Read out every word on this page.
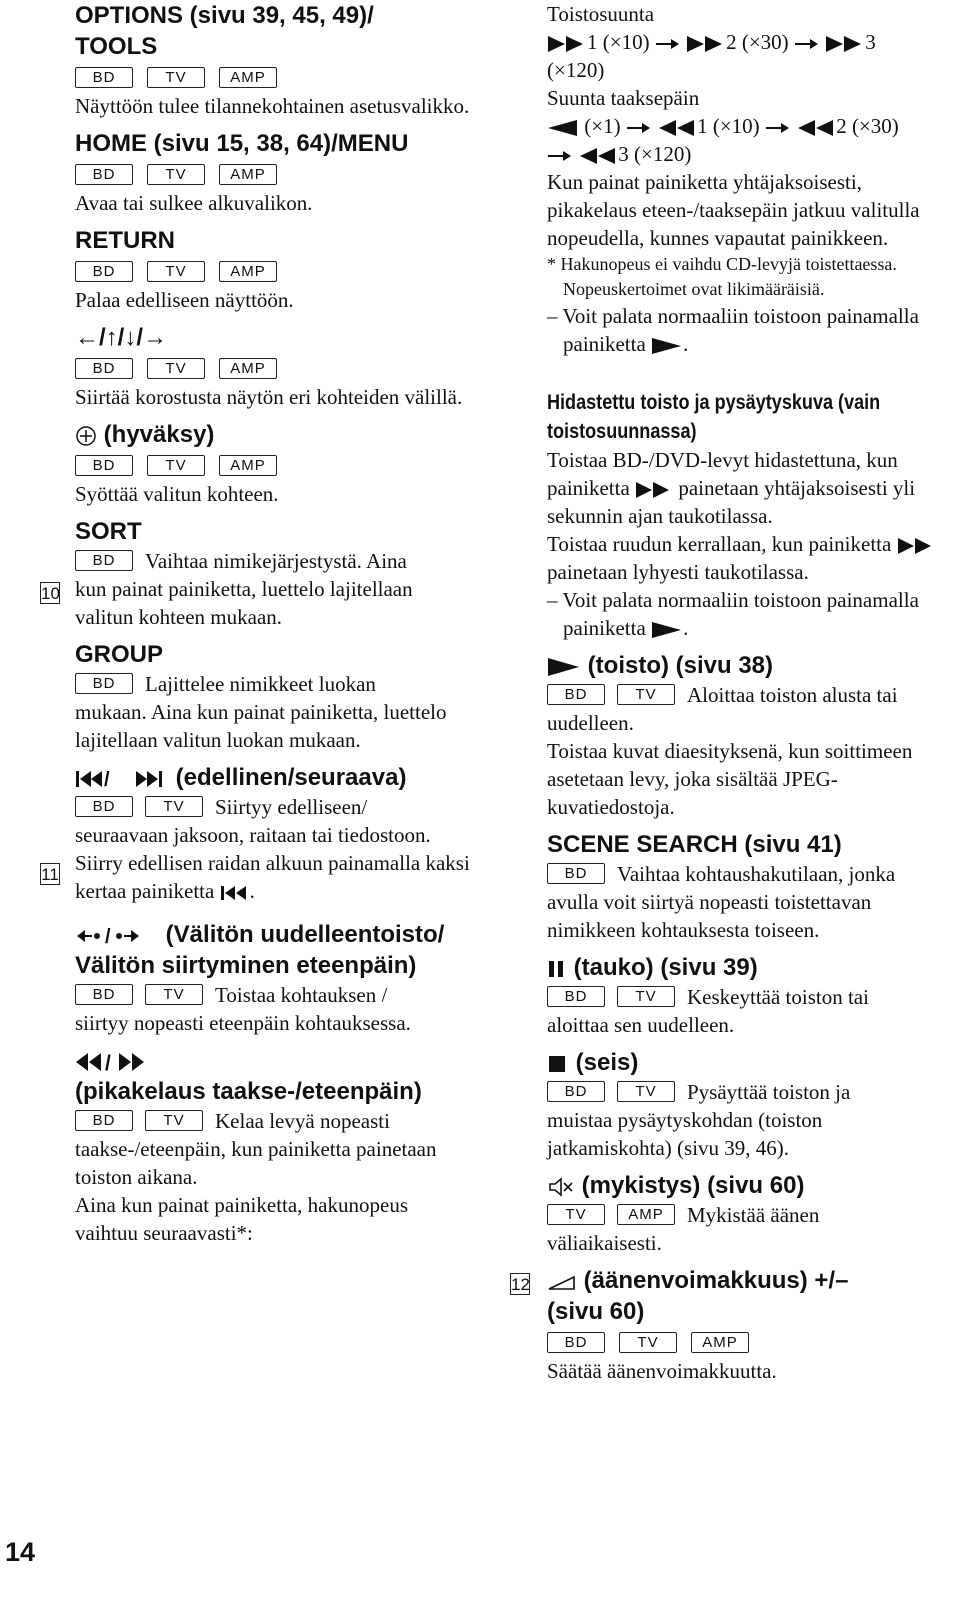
OPTIONS (sivu 39, 45, 49)/
TOOLS
BD	TV	AMP
Näyttöön tulee tilannekohtainen asetusvalikko.
HOME (sivu 15, 38, 64)/MENU
BD	TV	AMP
Avaa tai sulkee alkuvalikon.
RETURN
BD	TV	AMP
Palaa edelliseen näyttöön.
←/↑/↓/→
BD	TV	AMP
Siirtää korostusta näytön eri kohteiden välillä.
(hyväksy)
BD	TV	AMP
Syöttää valitun kohteen.
SORT
BD	Vaihtaa nimikejärjestystä. Aina
kun painat painiketta, luettelo lajitellaan valitun kohteen mukaan.
GROUP
BD	Lajittelee nimikkeet luokan
mukaan. Aina kun painat painiketta, luettelo lajitellaan valitun luokan mukaan.
/	(edellinen/seuraava)
BD	TV	Siirtyy edelliseen/
seuraavaan jaksoon, raitaan tai tiedostoon.
Siirry edellisen raidan alkuun painamalla kaksi kertaa painiketta .
/ (Välitön uudelleentoisto/
Välitön siirtyminen eteenpäin)
BD	TV	Toistaa kohtauksen /
siirtyy nopeasti eteenpäin kohtauksessa.
/
(pikakelaus taakse-/eteenpäin)
BD	TV	Kelaa levyä nopeasti
taakse-/eteenpäin, kun painiketta painetaan toiston aikana.
Aina kun painat painiketta, hakunopeus vaihtuu seuraavasti*:
10
11
12
Toistosuunta
1 (×10)	2 (×30)	3
(×120)
Suunta taaksepäin
(×1)	1 (×10)	2 (×30)
3 (×120)
Kun painat painiketta yhtäjaksoisesti, pikakelaus eteen-/taaksepäin jatkuu valitulla nopeudella, kunnes vapautat painikkeen.
* Hakunopeus ei vaihdu CD-levyjä toistettaessa.
Nopeuskertoimet ovat likimääräisiä.
– Voit palata normaaliin toistoon painamalla painiketta .
Hidastettu toisto ja pysäytyskuva (vain toistosuunnassa)
Toistaa BD-/DVD-levyt hidastettuna, kun painiketta painetaan yhtäjaksoisesti yli sekunnin ajan taukotilassa.
Toistaa ruudun kerrallaan, kun painiketta  painetaan lyhyesti taukotilassa.
– Voit palata normaaliin toistoon painamalla painiketta .
(toisto) (sivu 38)
BD	TV	Aloittaa toiston alusta tai
uudelleen.
Toistaa kuvat diaesityksenä, kun soittimeen asetetaan levy, joka sisältää JPEG-kuvatiedostoja.
SCENE SEARCH (sivu 41)
BD	Vaihtaa kohtaushakutilaan, jonka
avulla voit siirtyä nopeasti toistettavan nimikkeen kohtauksesta toiseen.
(tauko) (sivu 39)
BD	TV	Keskeyttää toiston tai
aloittaa sen uudelleen.
(seis)
BD	TV	Pysäyttää toiston ja
muistaa pysäytyskohdan (toiston jatkamiskohta) (sivu 39, 46).
(mykistys) (sivu 60)
TV	AMP	Mykistää äänen
väliaikaisesti.
(äänenvoimakkuus) +/–
(sivu 60)
BD	TV	AMP
Säätää äänenvoimakkuutta.
14
